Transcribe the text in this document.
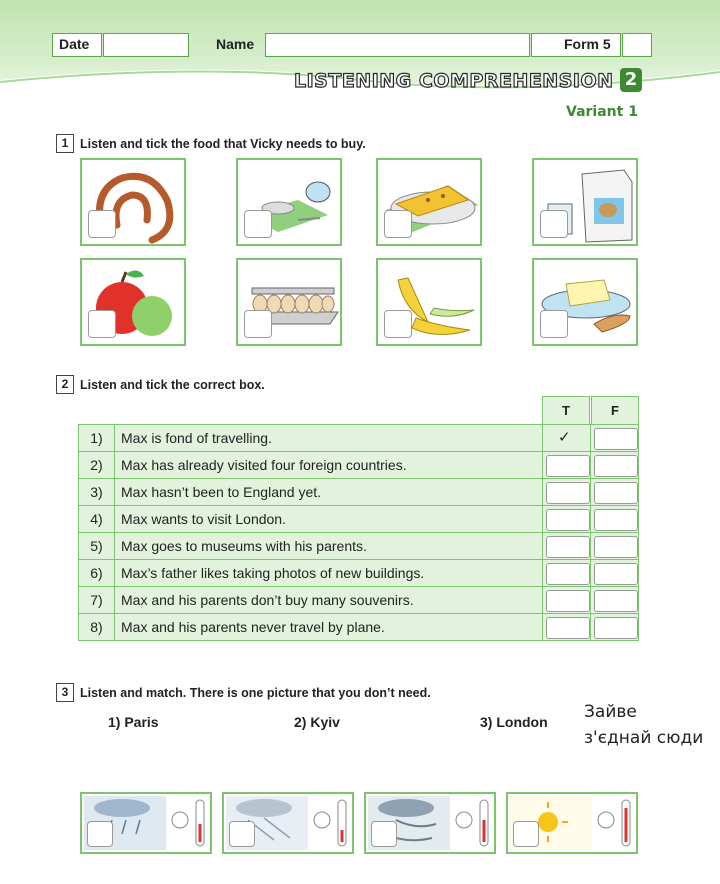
Date	Name	Form 5
LISTENING COMPREHENSION 2
Variant 1
1 Listen and tick the food that Vicky needs to buy.
2 Listen and tick the correct box.
T	F
1)	Max is fond of travelling.	✓	

2)	Max has already visited four foreign countries.	

3)	Max hasn’t been to England yet.	

4)	Max wants to visit London.	

5)	Max goes to museums with his parents.	

6)	Max’s father likes taking photos of new buildings.	

7)	Max and his parents don’t buy many souvenirs.	

8)	Max and his parents never travel by plane.	

3 Listen and match. There is one picture that you don’t need.
1) Paris	2) Kyiv	3) London Зайве
з'єднай сюди
